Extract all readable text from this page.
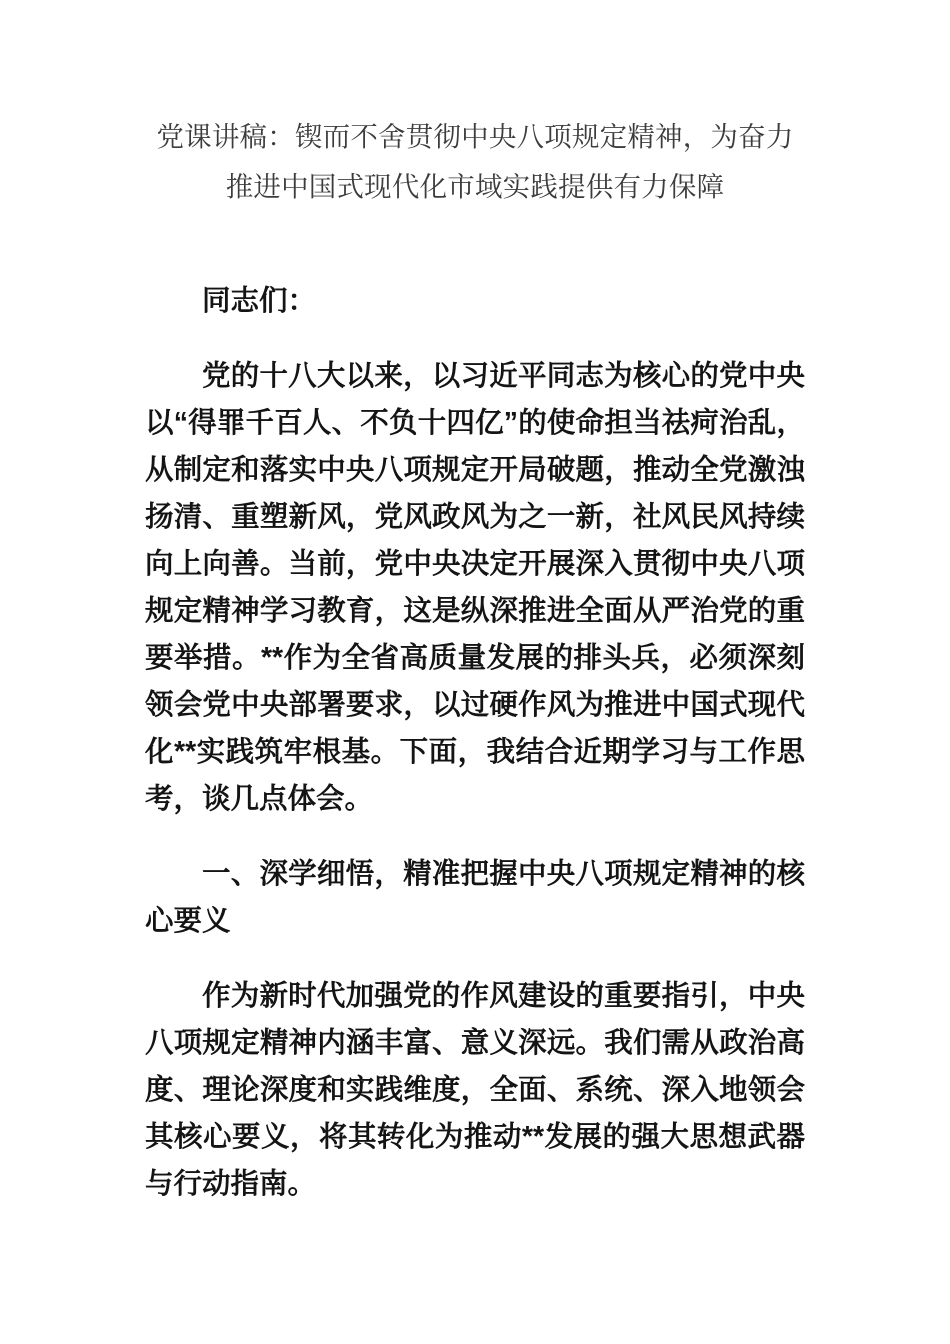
党课讲稿：锲而不舍贯彻中央八项规定精神，为奋力推进中国式现代化市域实践提供有力保障

同志们：

党的十八大以来，以习近平同志为核心的党中央以“得罪千百人、不负十四亿”的使命担当祛疴治乱，从制定和落实中央八项规定开局破题，推动全党激浊扬清、重塑新风，党风政风为之一新，社风民风持续向上向善。当前，党中央决定开展深入贯彻中央八项规定精神学习教育，这是纵深推进全面从严治党的重要举措。**作为全省高质量发展的排头兵，必须深刻领会党中央部署要求，以过硬作风为推进中国式现代化**实践筑牢根基。下面，我结合近期学习与工作思考，谈几点体会。

一、深学细悟，精准把握中央八项规定精神的核心要义

作为新时代加强党的作风建设的重要指引，中央八项规定精神内涵丰富、意义深远。我们需从政治高度、理论深度和实践维度，全面、系统、深入地领会其核心要义，将其转化为推动**发展的强大思想武器与行动指南。
